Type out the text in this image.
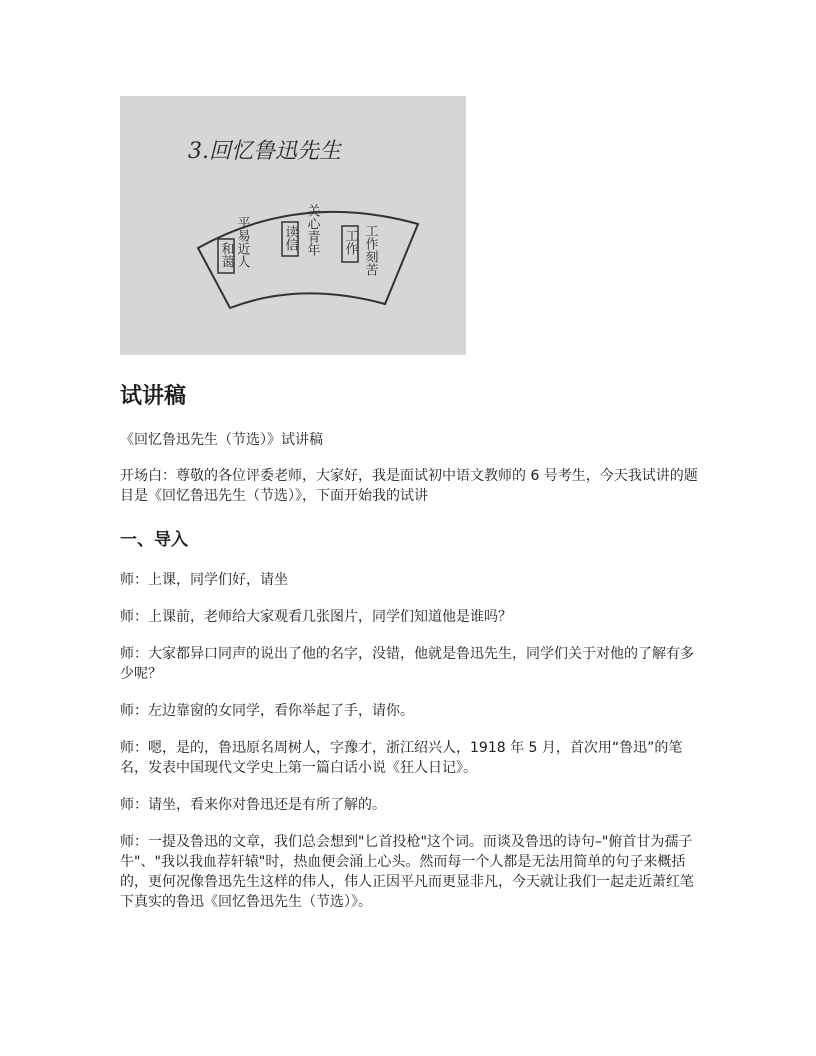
3.回忆鲁迅先生
和蔼 平易近人	读信 关心青年 工作 工作刻苦
试讲稿

《回忆鲁迅先生（节选）》试讲稿

开场白：尊敬的各位评委老师，大家好，我是面试初中语文教师的 6 号考生，今天我试讲的题目是《回忆鲁迅先生（节选）》，下面开始我的试讲

一、导入

师：上课，同学们好，请坐

师：上课前，老师给大家观看几张图片，同学们知道他是谁吗？

师：大家都异口同声的说出了他的名字，没错，他就是鲁迅先生，同学们关于对他的了解有多少呢？

师：左边靠窗的女同学，看你举起了手，请你。

师：嗯，是的，鲁迅原名周树人，字豫才，浙江绍兴人，1918 年 5 月，首次用“鲁迅”的笔名，发表中国现代文学史上第一篇白话小说《狂人日记》。

师：请坐，看来你对鲁迅还是有所了解的。

师：一提及鲁迅的文章，我们总会想到"匕首投枪"这个词。而谈及鲁迅的诗句–"俯首甘为孺子牛"、"我以我血荐轩辕"时，热血便会涌上心头。然而每一个人都是无法用简单的句子来概括的，更何况像鲁迅先生这样的伟人，伟人正因平凡而更显非凡，今天就让我们一起走近萧红笔下真实的鲁迅《回忆鲁迅先生（节选）》。
